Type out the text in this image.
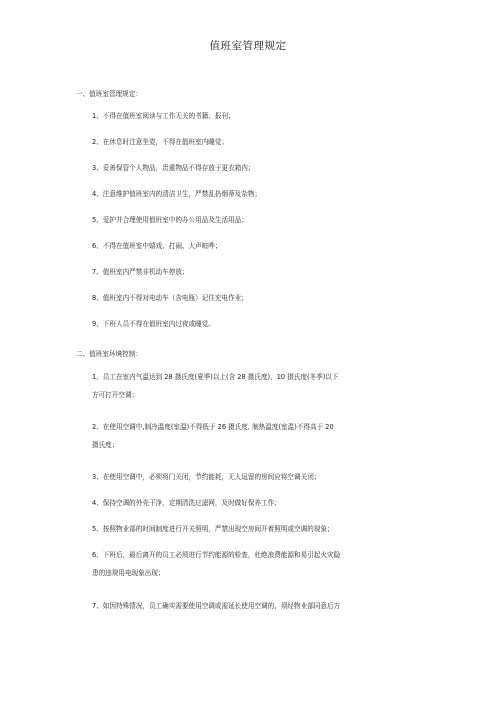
值班室管理规定
一、值班室管理规定：
1、不得在值班室阅读与工作无关的书籍、报刊；
2、在休息时注意坐姿，不得在值班室内睡觉；
3、妥善保管个人物品，贵重物品不得存放于更衣箱内；
4、注意维护值班室内的清洁卫生，严禁乱扔烟蒂及杂物；
5、爱护并合理使用值班室中的办公用品及生活用品；
6、不得在值班室中嬉戏、打闹、大声喧哗；
7、值班室内严禁非机动车停放；
8、值班室内不得对电动车（含电瓶）记住充电作业；
9、下班人员不得在值班室内过夜或睡觉。
二、值班室环境控制：
1、员工在室内气温达到 28 摄氏度(夏季)以上(含 28 摄氏度)，10 摄氏度(冬季)以下
方可打开空调；
2、在使用空调中,制冷温度(室温)不得低于 26 摄氏度, 制热温度(室温)不得高于 20
摄氏度；
3、在使用空调中，必须将门关闭，节约能耗，无人逗留的房间应将空调关闭；
4、保持空调的外壳干净，定期清洗过滤网，及时做好保养工作；
5、按照物业部的时间制度进行开关照明，严禁出现空房间开着照明或空调的现象；
6、下班后，最后离开的员工必须进行节约能源的检查，杜绝浪费能源和易引起火灾隐
患的违规用电现象出现；
7、如因特殊情况，员工确实需要使用空调或需延长使用空调的，须经物业部同意后方
